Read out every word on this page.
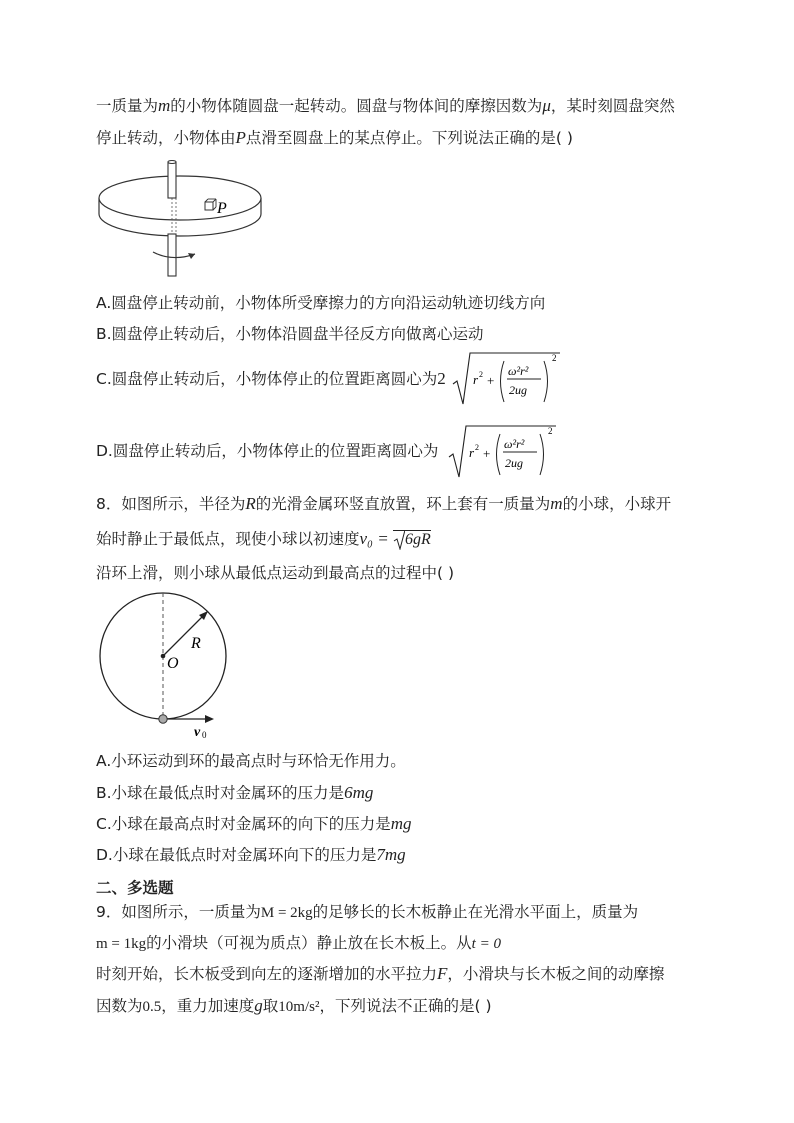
一质量为m的小物体随圆盘一起转动。圆盘与物体间的摩擦因数为μ，某时刻圆盘突然
停止转动，小物体由P点滑至圆盘上的某点停止。下列说法正确的是( )
P
A.圆盘停止转动前，小物体所受摩擦力的方向沿运动轨迹切线方向
B.圆盘停止转动后，小物体沿圆盘半径反方向做离心运动
C.圆盘停止转动后，小物体停止的位置距离圆心为2 r 2 +
ω²r²
2ug
2
D.圆盘停止转动后，小物体停止的位置距离圆心为 r 2 +
ω²r²
2ug
2
8．如图所示，半径为R的光滑金属环竖直放置，环上套有一质量为m的小球，小球开
始时静止于最低点，现使小球以初速度v₀ =
6gR
沿环上滑，则小球从最低点运动到最高点的过程中( )
R
O
v 0
A.小环运动到环的最高点时与环恰无作用力。
B.小球在最低点时对金属环的压力是6mg
C.小球在最高点时对金属环的向下的压力是mg
D.小球在最低点时对金属环向下的压力是7mg
二、多选题
9．如图所示，一质量为M = 2kg的足够长的长木板静止在光滑水平面上，质量为
m = 1kg的小滑块（可视为质点）静止放在长木板上。从t = 0
时刻开始，长木板受到向左的逐渐增加的水平拉力F，小滑块与长木板之间的动摩擦
因数为0.5，重力加速度g取10m/s²，下列说法不正确的是( )
